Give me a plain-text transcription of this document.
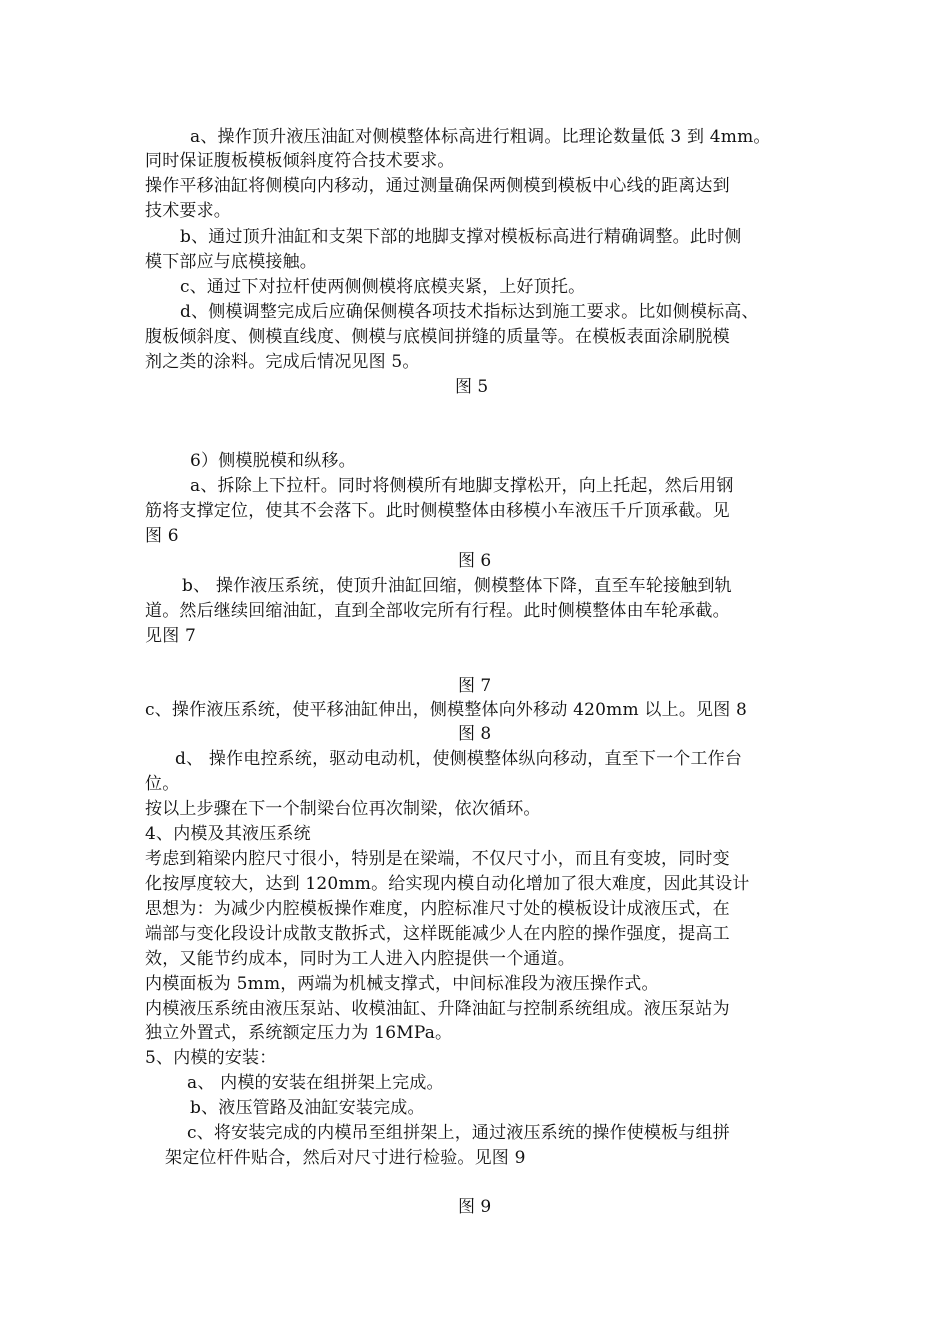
a、操作顶升液压油缸对侧模整体标高进行粗调。比理论数量低 3 到 4mm。
同时保证腹板模板倾斜度符合技术要求。
操作平移油缸将侧模向内移动，通过测量确保两侧模到模板中心线的距离达到
技术要求。
b、通过顶升油缸和支架下部的地脚支撑对模板标高进行精确调整。此时侧
模下部应与底模接触。
c、通过下对拉杆使两侧侧模将底模夹紧，上好顶托。
d、侧模调整完成后应确保侧模各项技术指标达到施工要求。比如侧模标高、
腹板倾斜度、侧模直线度、侧模与底模间拼缝的质量等。在模板表面涂刷脱模
剂之类的涂料。完成后情况见图 5。
图 5
6）侧模脱模和纵移。
a、拆除上下拉杆。同时将侧模所有地脚支撑松开，向上托起，然后用钢
筋将支撑定位，使其不会落下。此时侧模整体由移模小车液压千斤顶承截。见
图 6
图 6
b、 操作液压系统，使顶升油缸回缩，侧模整体下降，直至车轮接触到轨
道。然后继续回缩油缸，直到全部收完所有行程。此时侧模整体由车轮承截。
见图 7
图 7
c、操作液压系统，使平移油缸伸出，侧模整体向外移动 420mm 以上。见图 8
图 8
d、 操作电控系统，驱动电动机，使侧模整体纵向移动，直至下一个工作台
位。
按以上步骤在下一个制梁台位再次制梁，依次循环。
4、内模及其液压系统
考虑到箱梁内腔尺寸很小，特别是在梁端，不仅尺寸小，而且有变坡，同时变
化按厚度较大，达到 120mm。给实现内模自动化增加了很大难度，因此其设计
思想为：为减少内腔模板操作难度，内腔标准尺寸处的模板设计成液压式，在
端部与变化段设计成散支散拆式，这样既能减少人在内腔的操作强度，提高工
效，又能节约成本，同时为工人进入内腔提供一个通道。
内模面板为 5mm，两端为机械支撑式，中间标准段为液压操作式。
内模液压系统由液压泵站、收模油缸、升降油缸与控制系统组成。液压泵站为
独立外置式，系统额定压力为 16MPa。
5、内模的安装：
a、 内模的安装在组拼架上完成。
b、液压管路及油缸安装完成。
c、将安装完成的内模吊至组拼架上，通过液压系统的操作使模板与组拼
架定位杆件贴合，然后对尺寸进行检验。见图 9
图 9
